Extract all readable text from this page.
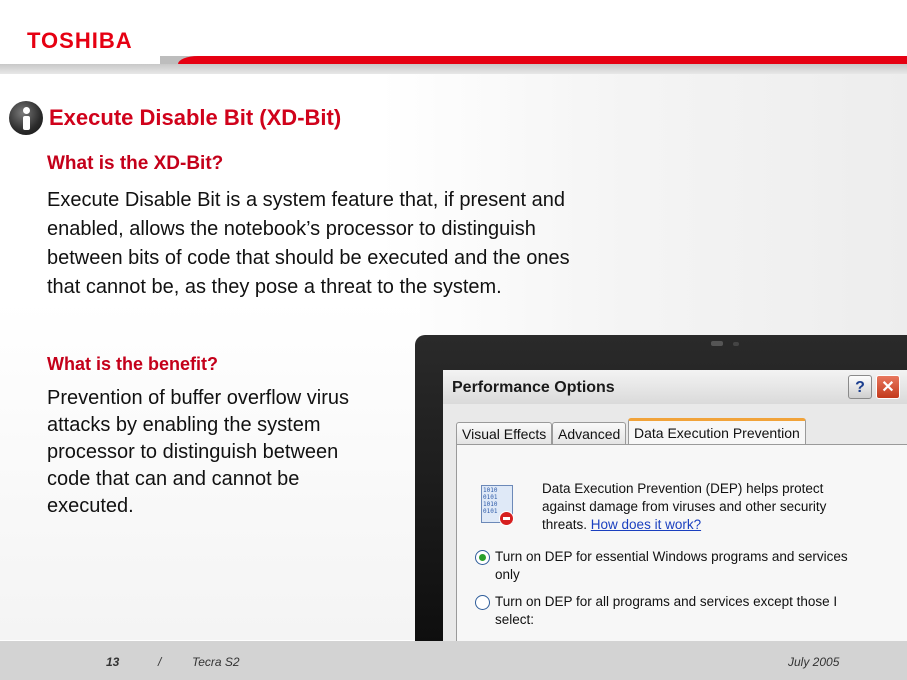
TOSHIBA
Execute Disable Bit (XD-Bit)
What is the XD-Bit?
Execute Disable Bit is a system feature that, if present and
enabled, allows the notebook’s processor to distinguish
between bits of code that should be executed and the ones
that cannot be, as they pose a threat to the system.
What is the benefit?
Prevention of buffer overflow virus
attacks by enabling the system
processor to distinguish between
code that can and cannot be
executed.
Performance Options	?	✕
Visual Effects Advanced Data Execution Prevention
1010 0101 1010 0101
Data Execution Prevention (DEP) helps protect
against damage from viruses and other security
threats. How does it work?
Turn on DEP for essential Windows programs and services
only
Turn on DEP for all programs and services except those I
select:
13	/	Tecra S2	July 2005
